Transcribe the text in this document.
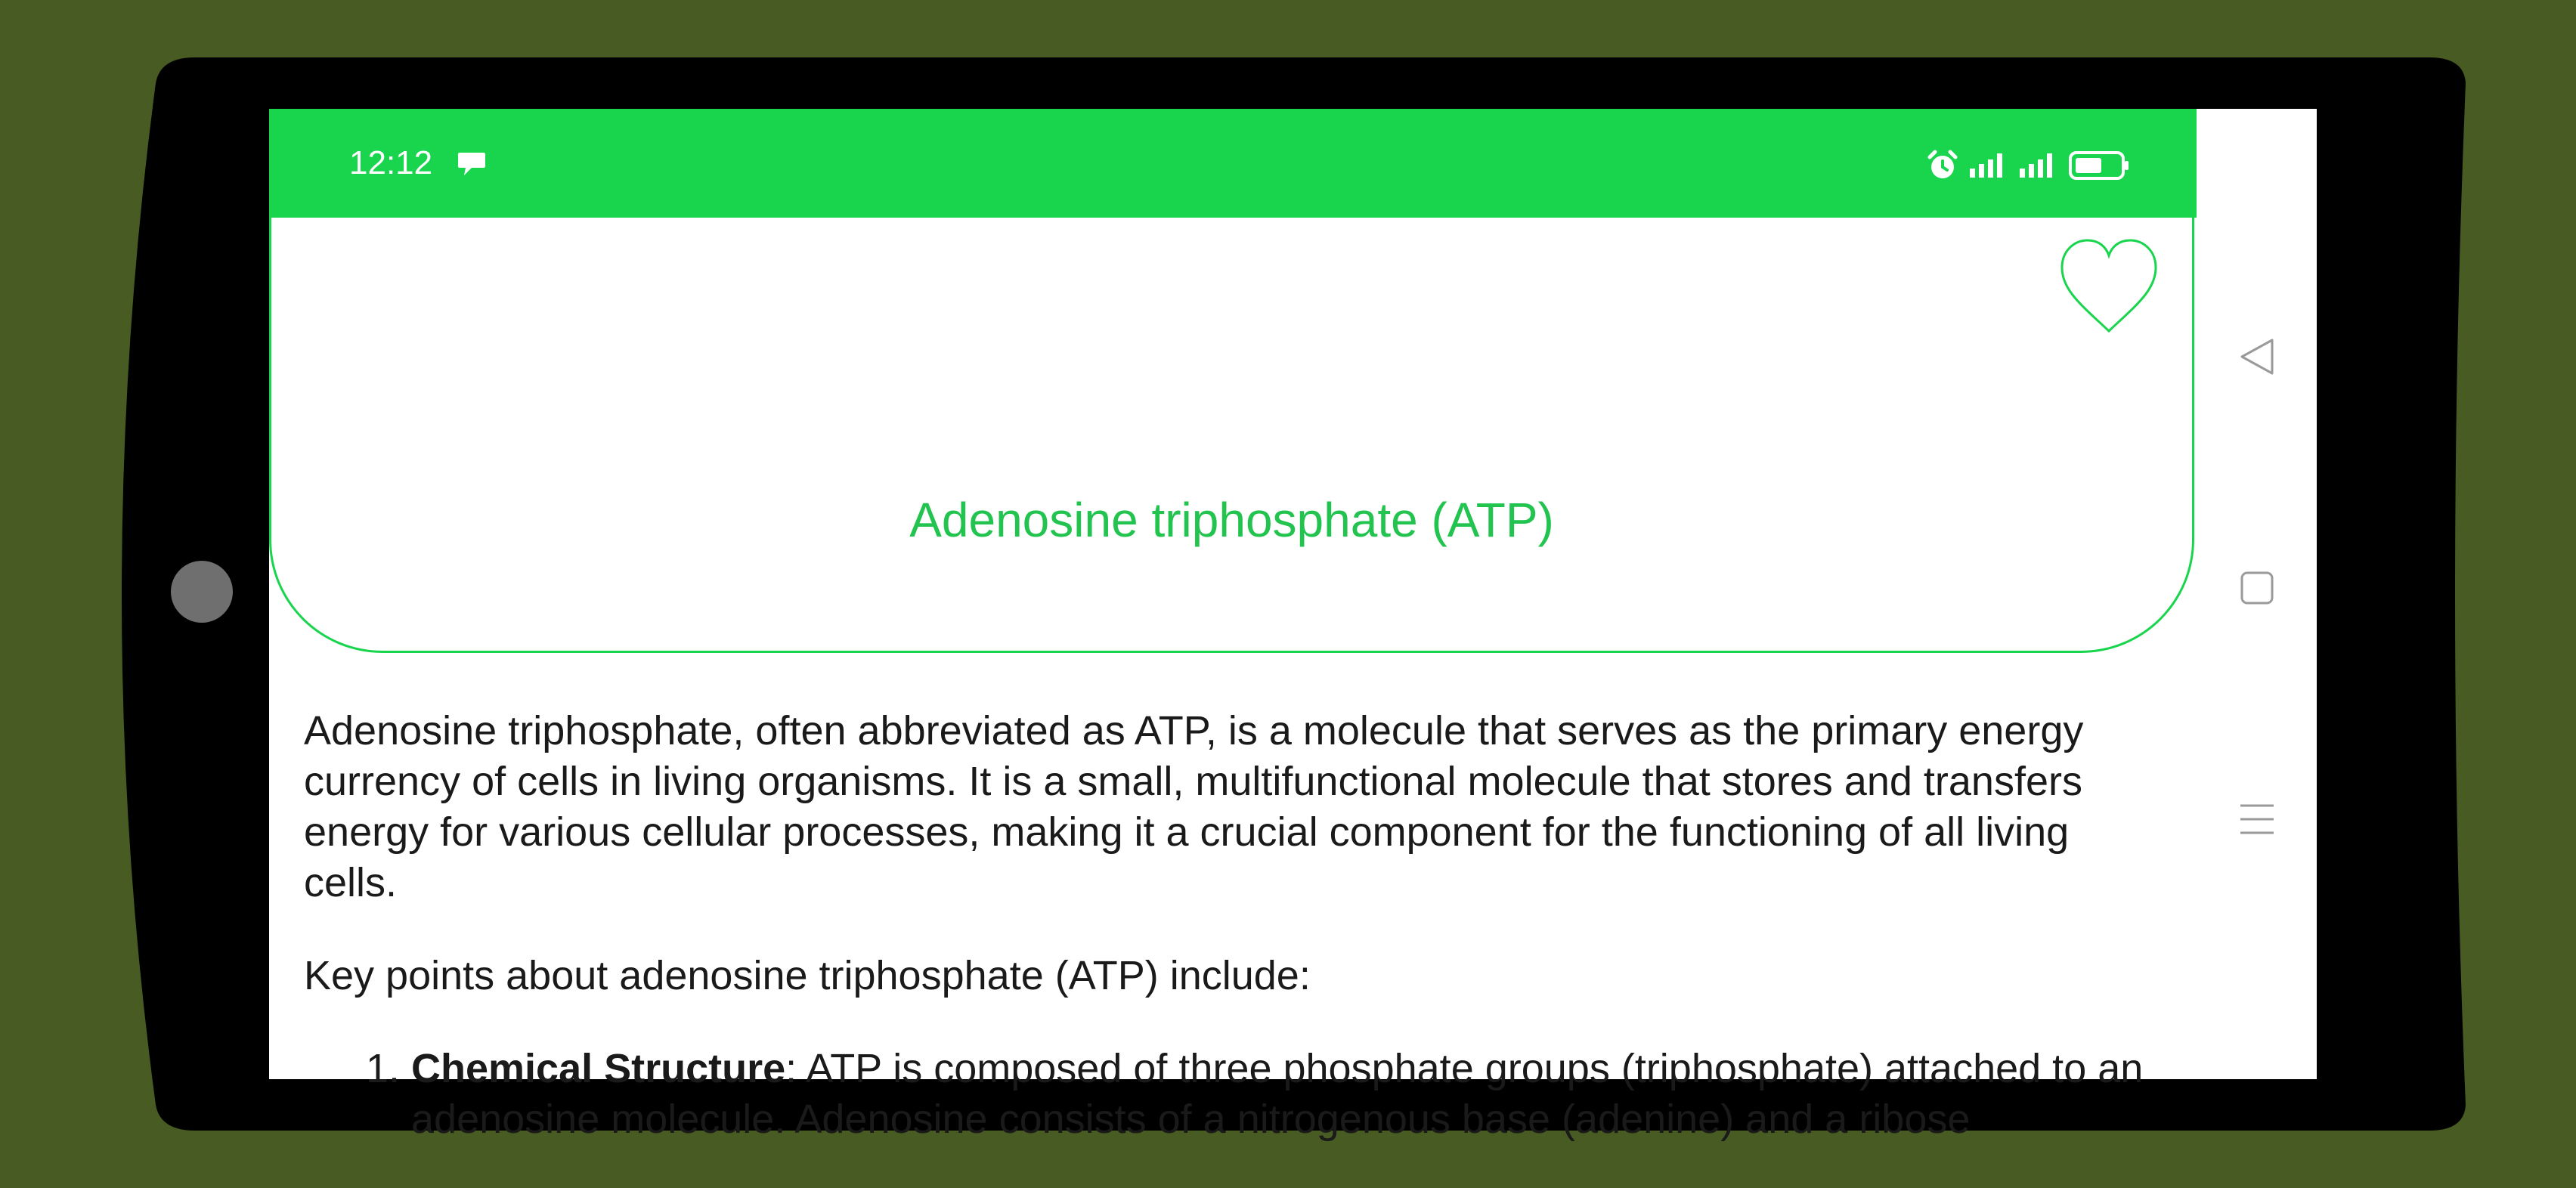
12:12
Adenosine triphosphate (ATP)

Adenosine triphosphate, often abbreviated as ATP, is a molecule that serves as the primary energy currency of cells in living organisms. It is a small, multifunctional molecule that stores and transfers energy for various cellular processes, making it a crucial component for the functioning of all living cells.

Key points about adenosine triphosphate (ATP) include:

1. Chemical Structure: ATP is composed of three phosphate groups (triphosphate) attached to an adenosine molecule. Adenosine consists of a nitrogenous base (adenine) and a ribose
